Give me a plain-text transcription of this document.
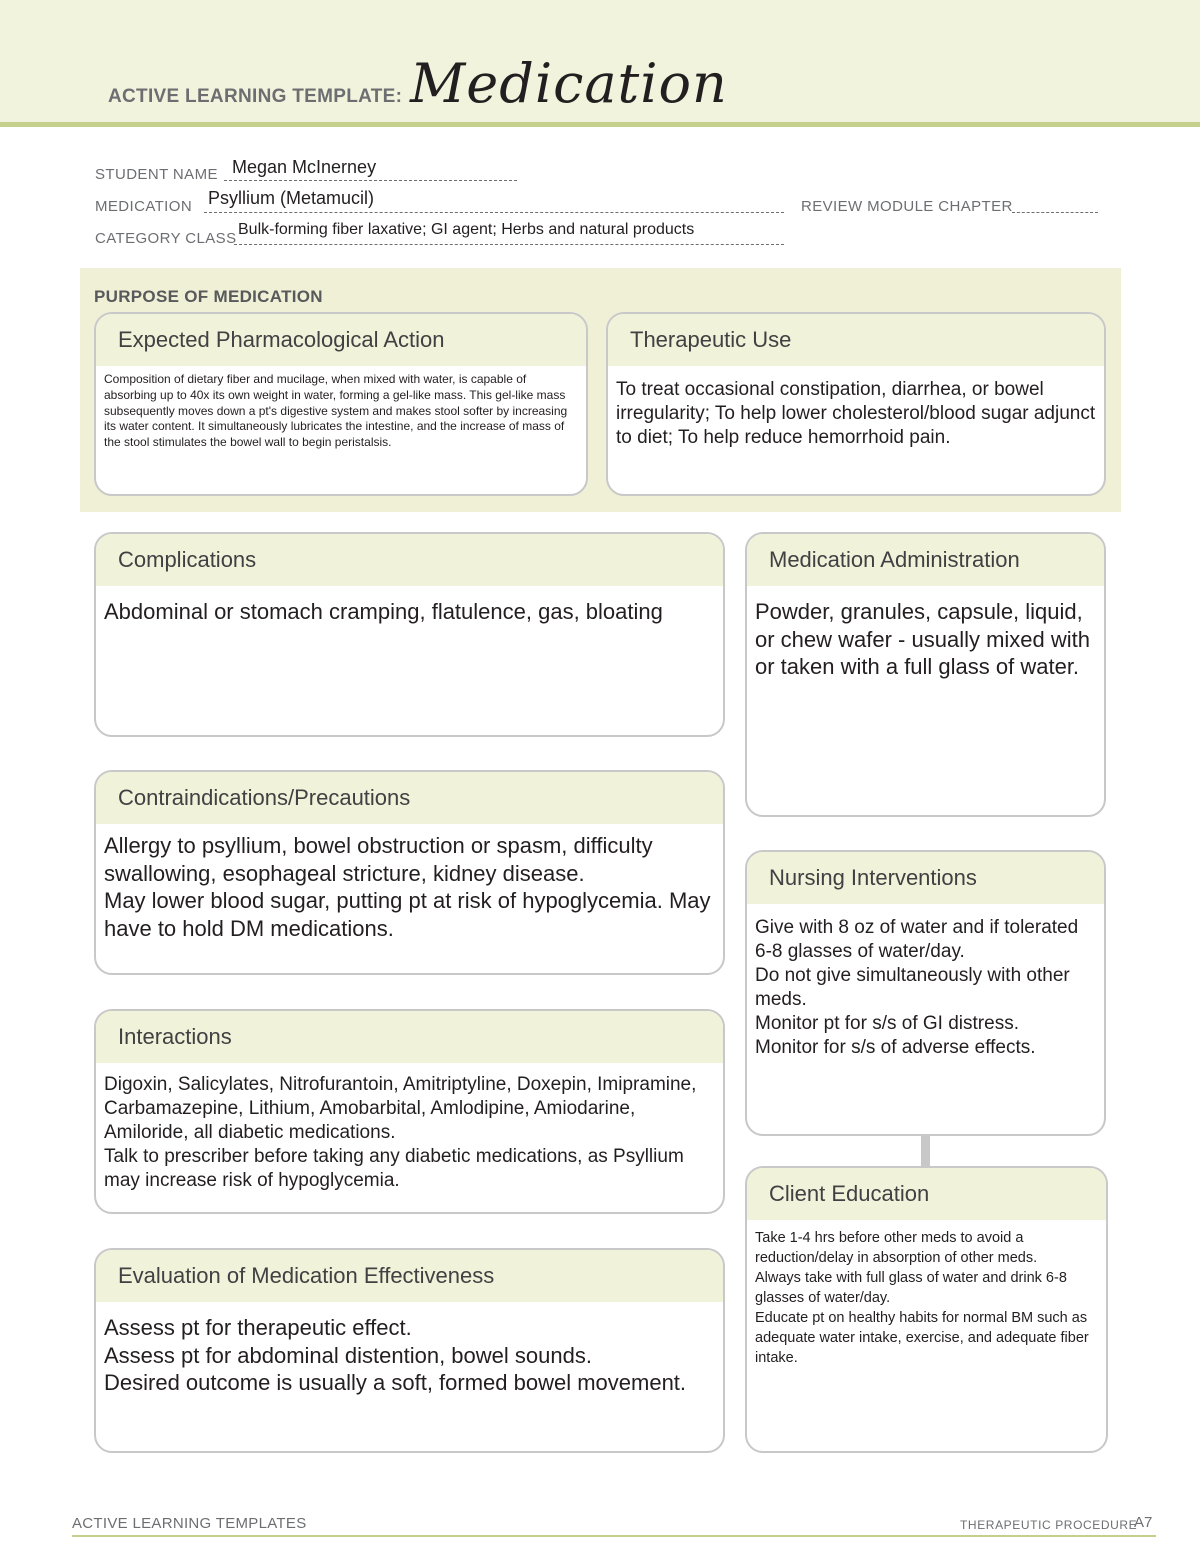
ACTIVE LEARNING TEMPLATE: Medication
STUDENT NAME Megan McInerney
MEDICATION Psyllium (Metamucil)	REVIEW MODULE CHAPTER
CATEGORY CLASS
Bulk-forming fiber laxative; GI agent; Herbs and natural products
PURPOSE OF MEDICATION
Expected Pharmacological Action
Composition of dietary fiber and mucilage, when mixed with water, is capable of absorbing up to 40x its own weight in water, forming a gel-like mass. This gel-like mass subsequently moves down a pt's digestive system and makes stool softer by increasing its water content. It simultaneously lubricates the intestine, and the increase of mass of the stool stimulates the bowel wall to begin peristalsis.
Therapeutic Use
To treat occasional constipation, diarrhea, or bowel irregularity; To help lower cholesterol/blood sugar adjunct to diet; To help reduce hemorrhoid pain.
Complications
Abdominal or stomach cramping, flatulence, gas, bloating
Medication Administration
Powder, granules, capsule, liquid, or chew wafer - usually mixed with or taken with a full glass of water.
Contraindications/Precautions
Allergy to psyllium, bowel obstruction or spasm, difficulty swallowing, esophageal stricture, kidney disease.
May lower blood sugar, putting pt at risk of hypoglycemia. May have to hold DM medications.
Nursing Interventions
Give with 8 oz of water and if tolerated 6-8 glasses of water/day.
Do not give simultaneously with other meds.
Monitor pt for s/s of GI distress.
Monitor for s/s of adverse effects.
Interactions
Digoxin, Salicylates, Nitrofurantoin, Amitriptyline, Doxepin, Imipramine, Carbamazepine, Lithium, Amobarbital, Amlodipine, Amiodarine, Amiloride, all diabetic medications.
Talk to prescriber before taking any diabetic medications, as Psyllium may increase risk of hypoglycemia.
Client Education
Take 1-4 hrs before other meds to avoid a reduction/delay in absorption of other meds.
Always take with full glass of water and drink 6-8 glasses of water/day.
Educate pt on healthy habits for normal BM such as adequate water intake, exercise, and adequate fiber intake.
Evaluation of Medication Effectiveness
Assess pt for therapeutic effect.
Assess pt for abdominal distention, bowel sounds.
Desired outcome is usually a soft, formed bowel movement.
ACTIVE LEARNING TEMPLATES	THERAPEUTIC PROCEDURE
A7
